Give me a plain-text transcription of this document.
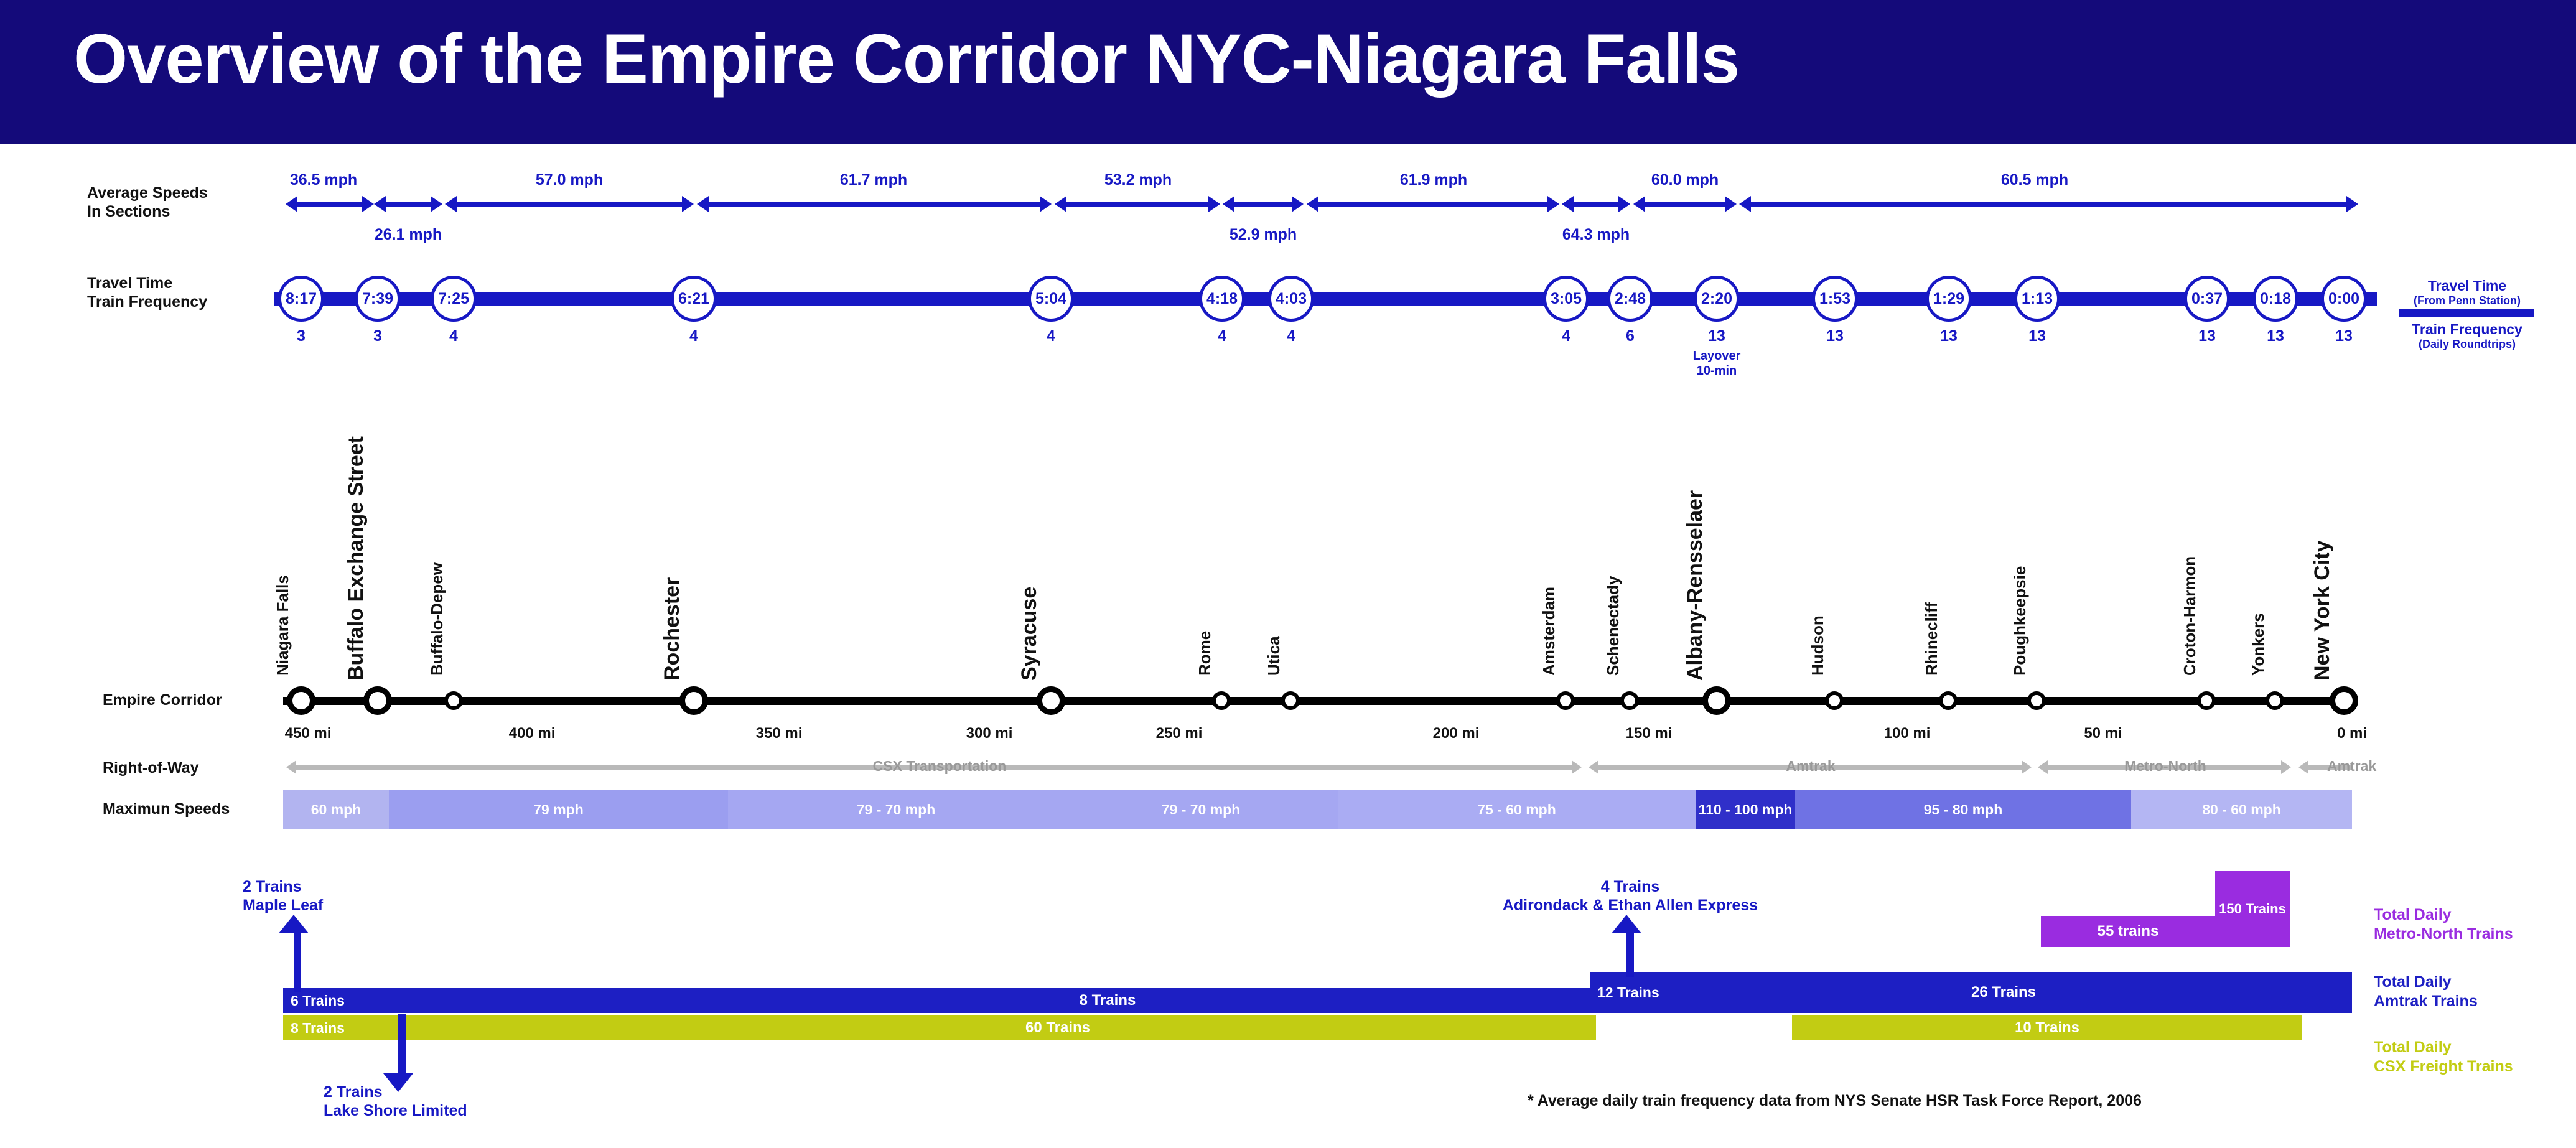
Overview of the Empire Corridor NYC-Niagara Falls
Average Speeds
In Sections
Travel Time
Train Frequency
Empire Corridor
Right-of-Way
Maximun Speeds
36.5 mph
26.1 mph
57.0 mph	61.7 mph	53.2 mph
52.9 mph
61.9 mph
64.3 mph
60.0 mph	60.5 mph
8:17
3
7:39
3
7:25
4
6:21
4
5:04
4
4:18
4
4:03
4
3:05
4
2:48
6
2:20
13
Layover
10-min
1:53
13
1:29
13
1:13
13
0:37
13
0:18
13
0:00
13
Travel Time
(From Penn Station)
Train Frequency
(Daily Roundtrips)
Niagara Falls Buffalo Exchange Street	Buffalo-Depew	Rochester	Syracuse	Rome	Utica	Amsterdam	Schenectady	Albany-Rensselaer	Hudson	Rhinecliff	Poughkeepsie	Croton-Harmon	Yonkers New York City
450 mi	400 mi	350 mi	300 mi	250 mi	200 mi	150 mi	100 mi	50 mi	0 mi
CSX Transportation	Amtrak	Metro-North	Amtrak
60 mph	79 mph	79 - 70 mph	79 - 70 mph	75 - 60 mph	110 - 100 mph	95 - 80 mph	80 - 60 mph
55 trains
150 Trains
6 Trains	8 Trains	12 Trains	26 Trains
8 Trains	60 Trains	10 Trains
2 Trains
Maple Leaf
2 Trains
Lake Shore Limited
4 Trains
Adirondack & Ethan Allen Express
Total Daily
Metro-North Trains
Total Daily
Amtrak Trains
Total Daily
CSX Freight Trains
* Average daily train frequency data from NYS Senate HSR Task Force Report, 2006
